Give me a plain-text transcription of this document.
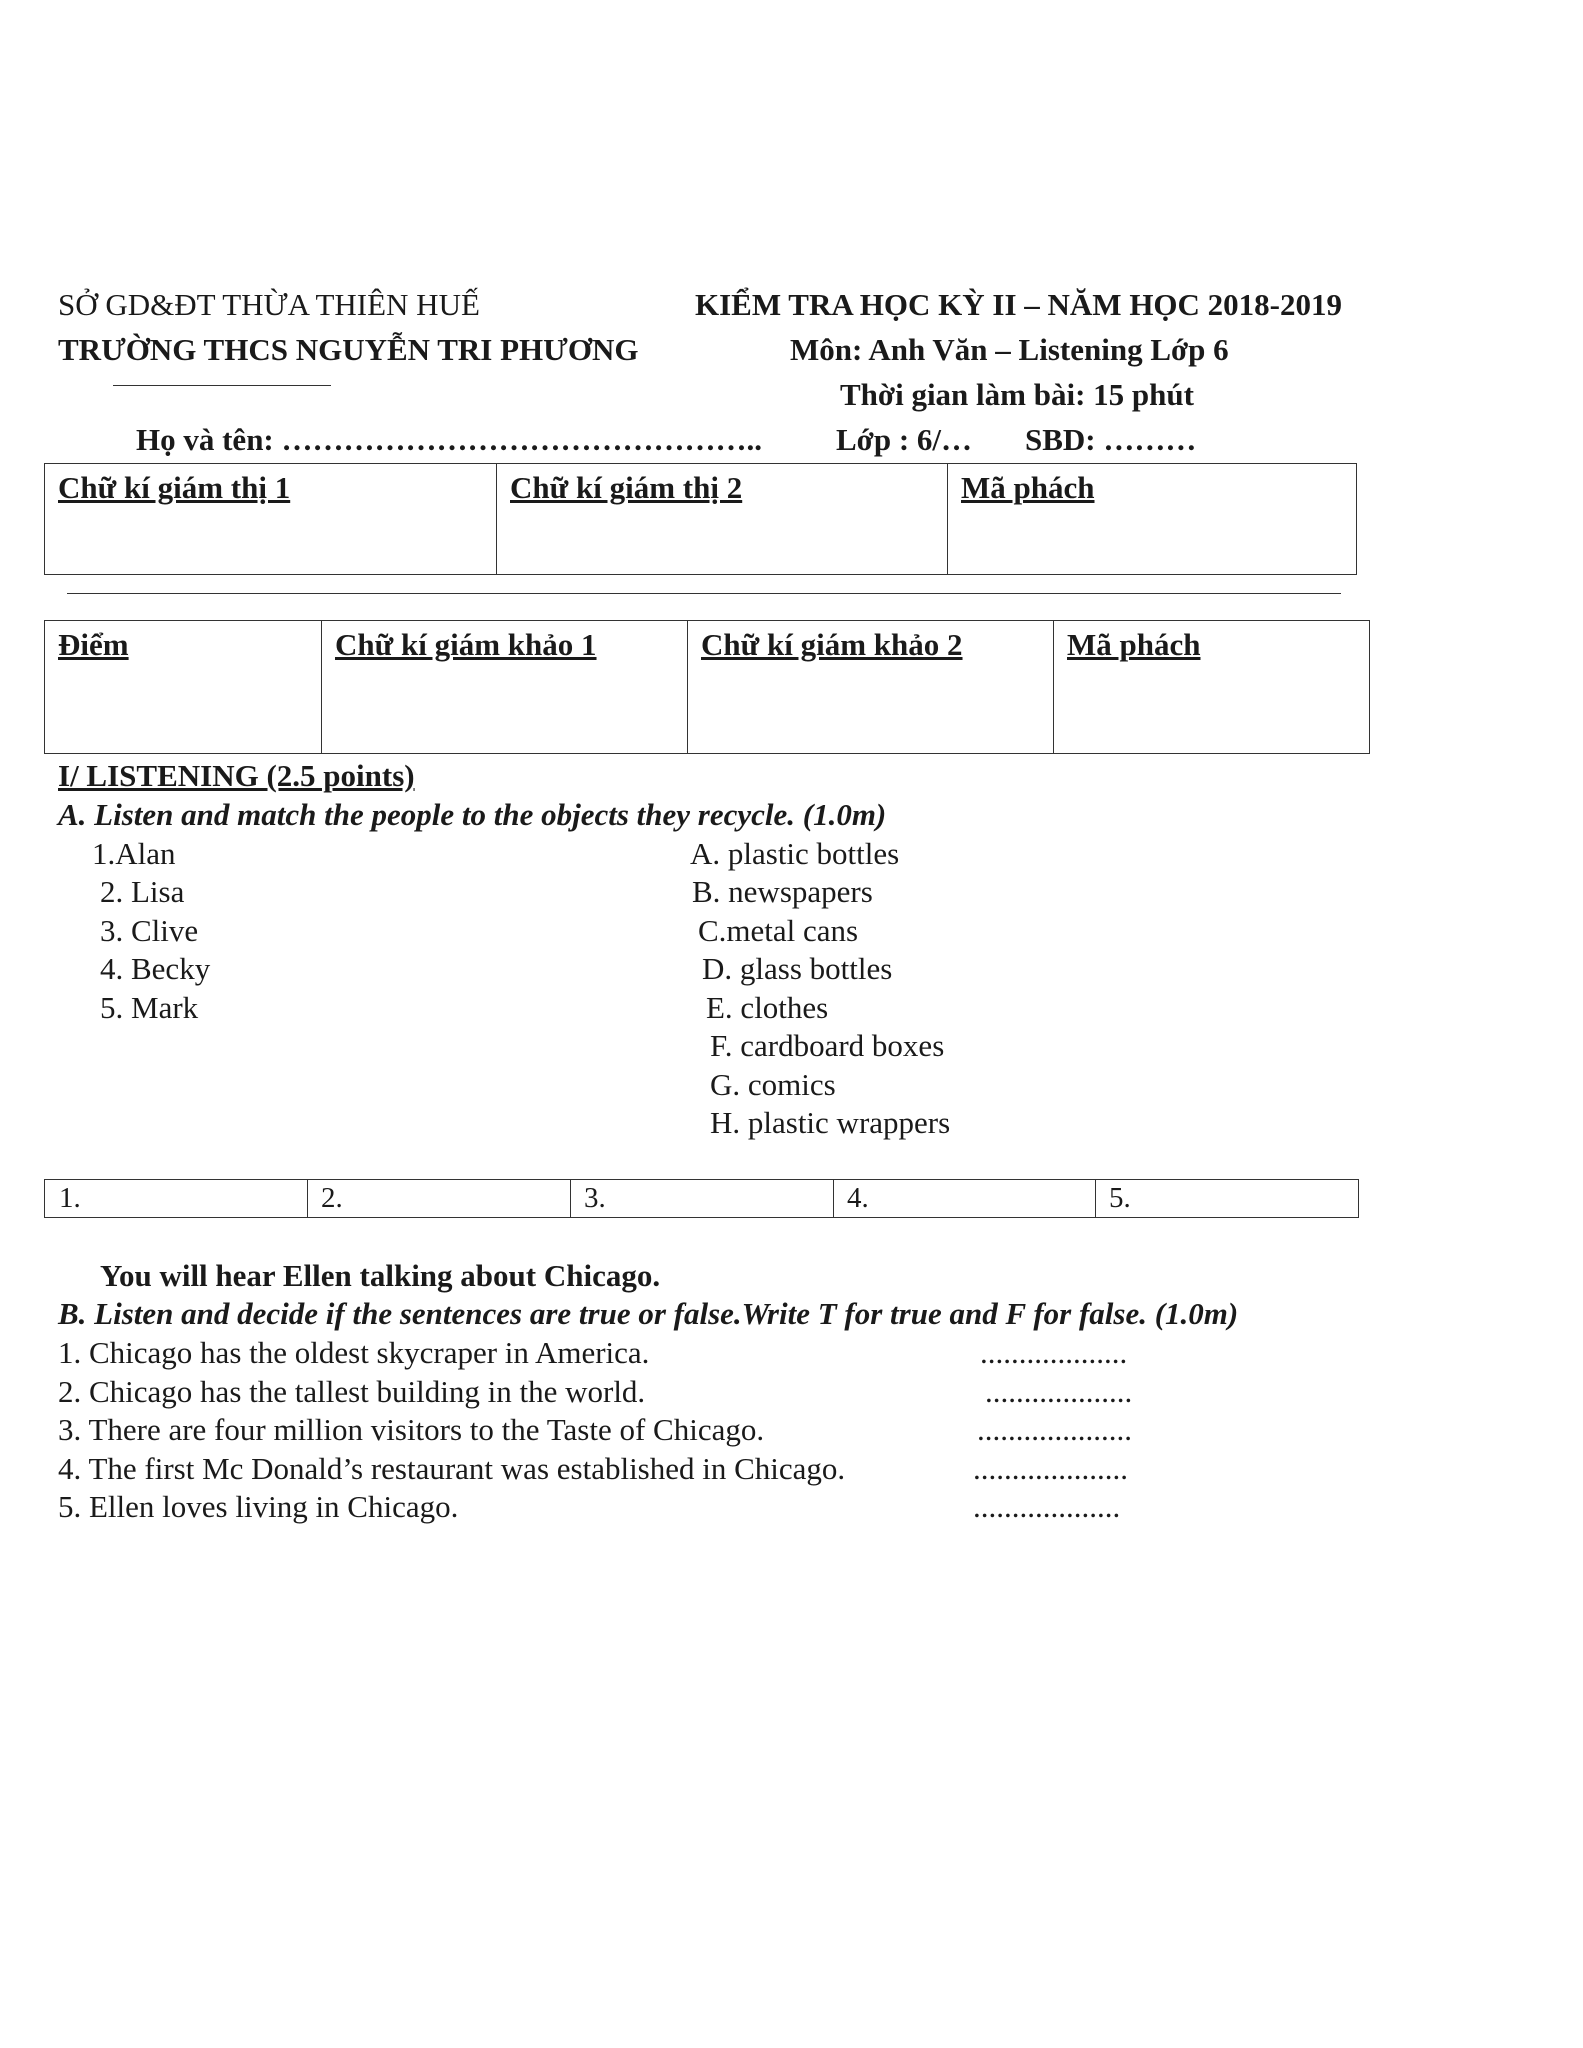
SỞ GD&ĐT THỪA THIÊN HUẾ	KIỂM TRA HỌC KỲ II – NĂM HỌC 2018-2019
TRƯỜNG THCS NGUYỄN TRI PHƯƠNG	Môn: Anh Văn – Listening Lớp 6
Thời gian làm bài: 15 phút
Họ và tên: ……………………………………….. Lớp : 6/… SBD: ………
Chữ kí giám thị 1	Chữ kí giám thị 2	Mã phách
Điểm	Chữ kí giám khảo 1	Chữ kí giám khảo 2	Mã phách
I/ LISTENING (2.5 points)
A. Listen and match the people to the objects they recycle. (1.0m)
1.Alan
2. Lisa
3. Clive
4. Becky
5. Mark
A. plastic bottles
B. newspapers
C.metal cans
D. glass bottles
E. clothes
F. cardboard boxes
G. comics
H. plastic wrappers
1.	2.	3.	4.	5.
You will hear Ellen talking about Chicago.
B. Listen and decide if the sentences are true or false.Write T for true and F for false. (1.0m)
1. Chicago has the oldest skycraper in America.	...................
2. Chicago has the tallest building in the world.	...................
3. There are four million visitors to the Taste of Chicago.	....................
4. The first Mc Donald’s restaurant was established in Chicago.	....................
5. Ellen loves living in Chicago.	...................
